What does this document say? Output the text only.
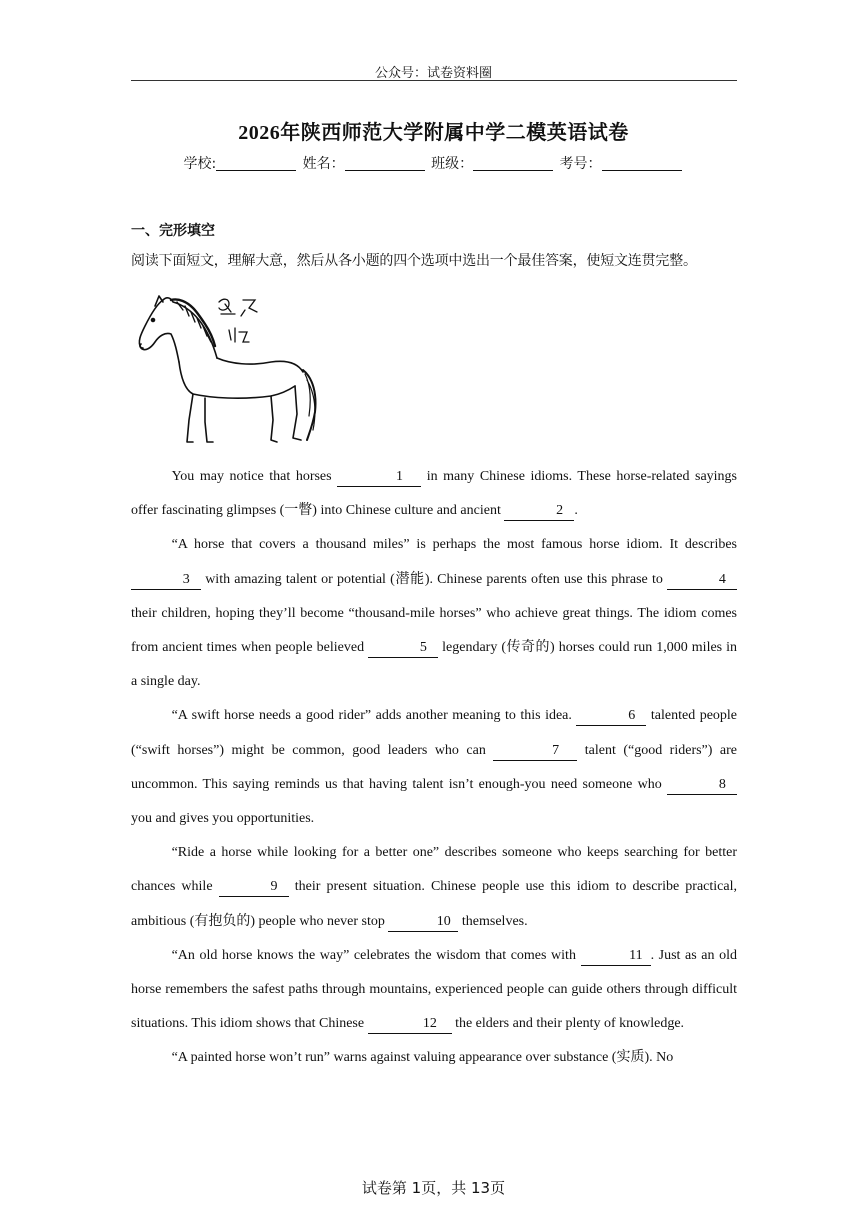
公众号：试卷资料圈
2026年陕西师范大学附属中学二模英语试卷
学校:	姓名：	班级：	考号：
一、完形填空
阅读下面短文，理解大意，然后从各小题的四个选项中选出一个最佳答案，使短文连贯完整。

You may notice that horses	1 in many Chinese idioms. These horse-related sayings offer fascinating glimpses (一瞥) into Chinese culture and ancient	2 .

“A horse that covers a thousand miles” is perhaps the most famous horse idiom. It describes 3 with amazing talent or potential (潜能). Chinese parents often use this phrase to	4 their children, hoping they’ll become “thousand-mile horses” who achieve great things. The idiom comes from ancient times when people believed	5 legendary (传奇的) horses could run 1,000 miles in a single day.

“A swift horse needs a good rider” adds another meaning to this idea.	6 talented people (“swift horses”) might be common, good leaders who can	7 talent (“good riders”) are uncommon. This saying reminds us that having talent isn’t enough-you need someone who	8 you and gives you opportunities.

“Ride a horse while looking for a better one” describes someone who keeps searching for better chances while	9 their present situation. Chinese people use this idiom to describe practical, ambitious (有抱负的) people who never stop	10 themselves.

“An old horse knows the way” celebrates the wisdom that comes with	11 . Just as an old horse remembers the safest paths through mountains, experienced people can guide others through difficult situations. This idiom shows that Chinese	12 the elders and their plenty of knowledge.

“A painted horse won’t run” warns against valuing appearance over substance (实质). No

试卷第 1页，共 13页
